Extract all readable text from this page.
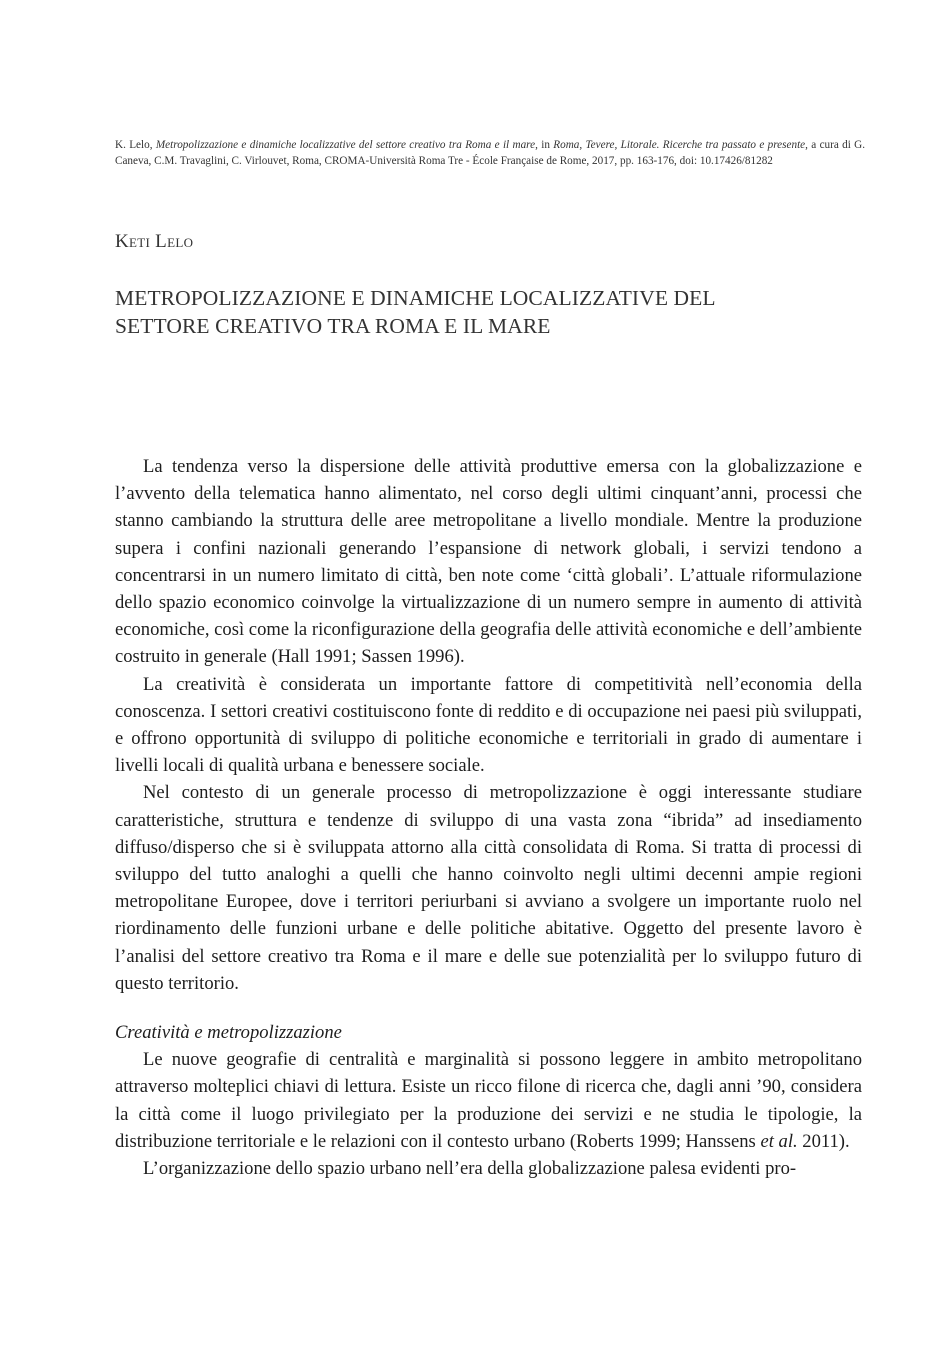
K. Lelo, Metropolizzazione e dinamiche localizzative del settore creativo tra Roma e il mare, in Roma, Tevere, Litorale. Ricerche tra passato e presente, a cura di G. Caneva, C.M. Travaglini, C. Virlouvet, Roma, CROMA-Università Roma Tre - École Française de Rome, 2017, pp. 163-176, doi: 10.17426/81282
Keti Lelo
METROPOLIZZAZIONE E DINAMICHE LOCALIZZATIVE DEL
SETTORE CREATIVO TRA ROMA E IL MARE

La tendenza verso la dispersione delle attività produttive emersa con la globalizzazione e l’avvento della telematica hanno alimentato, nel corso degli ultimi cinquant’anni, processi che stanno cambiando la struttura delle aree metropolitane a livello mondiale. Mentre la produzione supera i confini nazionali generando l’espansione di network globali, i servizi tendono a concentrarsi in un numero limitato di città, ben note come ‘città globali’. L’attuale riformulazione dello spazio economico coinvolge la virtualizzazione di un numero sempre in aumento di attività economiche, così come la riconfigurazione della geografia delle attività economiche e dell’ambiente costruito in generale (Hall 1991; Sassen 1996).

La creatività è considerata un importante fattore di competitività nell’economia della conoscenza. I settori creativi costituiscono fonte di reddito e di occupazione nei paesi più sviluppati, e offrono opportunità di sviluppo di politiche economiche e territoriali in grado di aumentare i livelli locali di qualità urbana e benessere sociale.

Nel contesto di un generale processo di metropolizzazione è oggi interessante studiare caratteristiche, struttura e tendenze di sviluppo di una vasta zona “ibrida” ad insediamento diffuso/disperso che si è sviluppata attorno alla città consolidata di Roma. Si tratta di processi di sviluppo del tutto analoghi a quelli che hanno coinvolto negli ultimi decenni ampie regioni metropolitane Europee, dove i territori periurbani si avviano a svolgere un importante ruolo nel riordinamento delle funzioni urbane e delle politiche abitative. Oggetto del presente lavoro è l’analisi del settore creativo tra Roma e il mare e delle sue potenzialità per lo sviluppo futuro di questo territorio.

Creatività e metropolizzazione

Le nuove geografie di centralità e marginalità si possono leggere in ambito metropolitano attraverso molteplici chiavi di lettura. Esiste un ricco filone di ricerca che, dagli anni ’90, considera la città come il luogo privilegiato per la produzione dei servizi e ne studia le tipologie, la distribuzione territoriale e le relazioni con il contesto urbano (Roberts 1999; Hanssens et al. 2011).

L’organizzazione dello spazio urbano nell’era della globalizzazione palesa evidenti pro-
